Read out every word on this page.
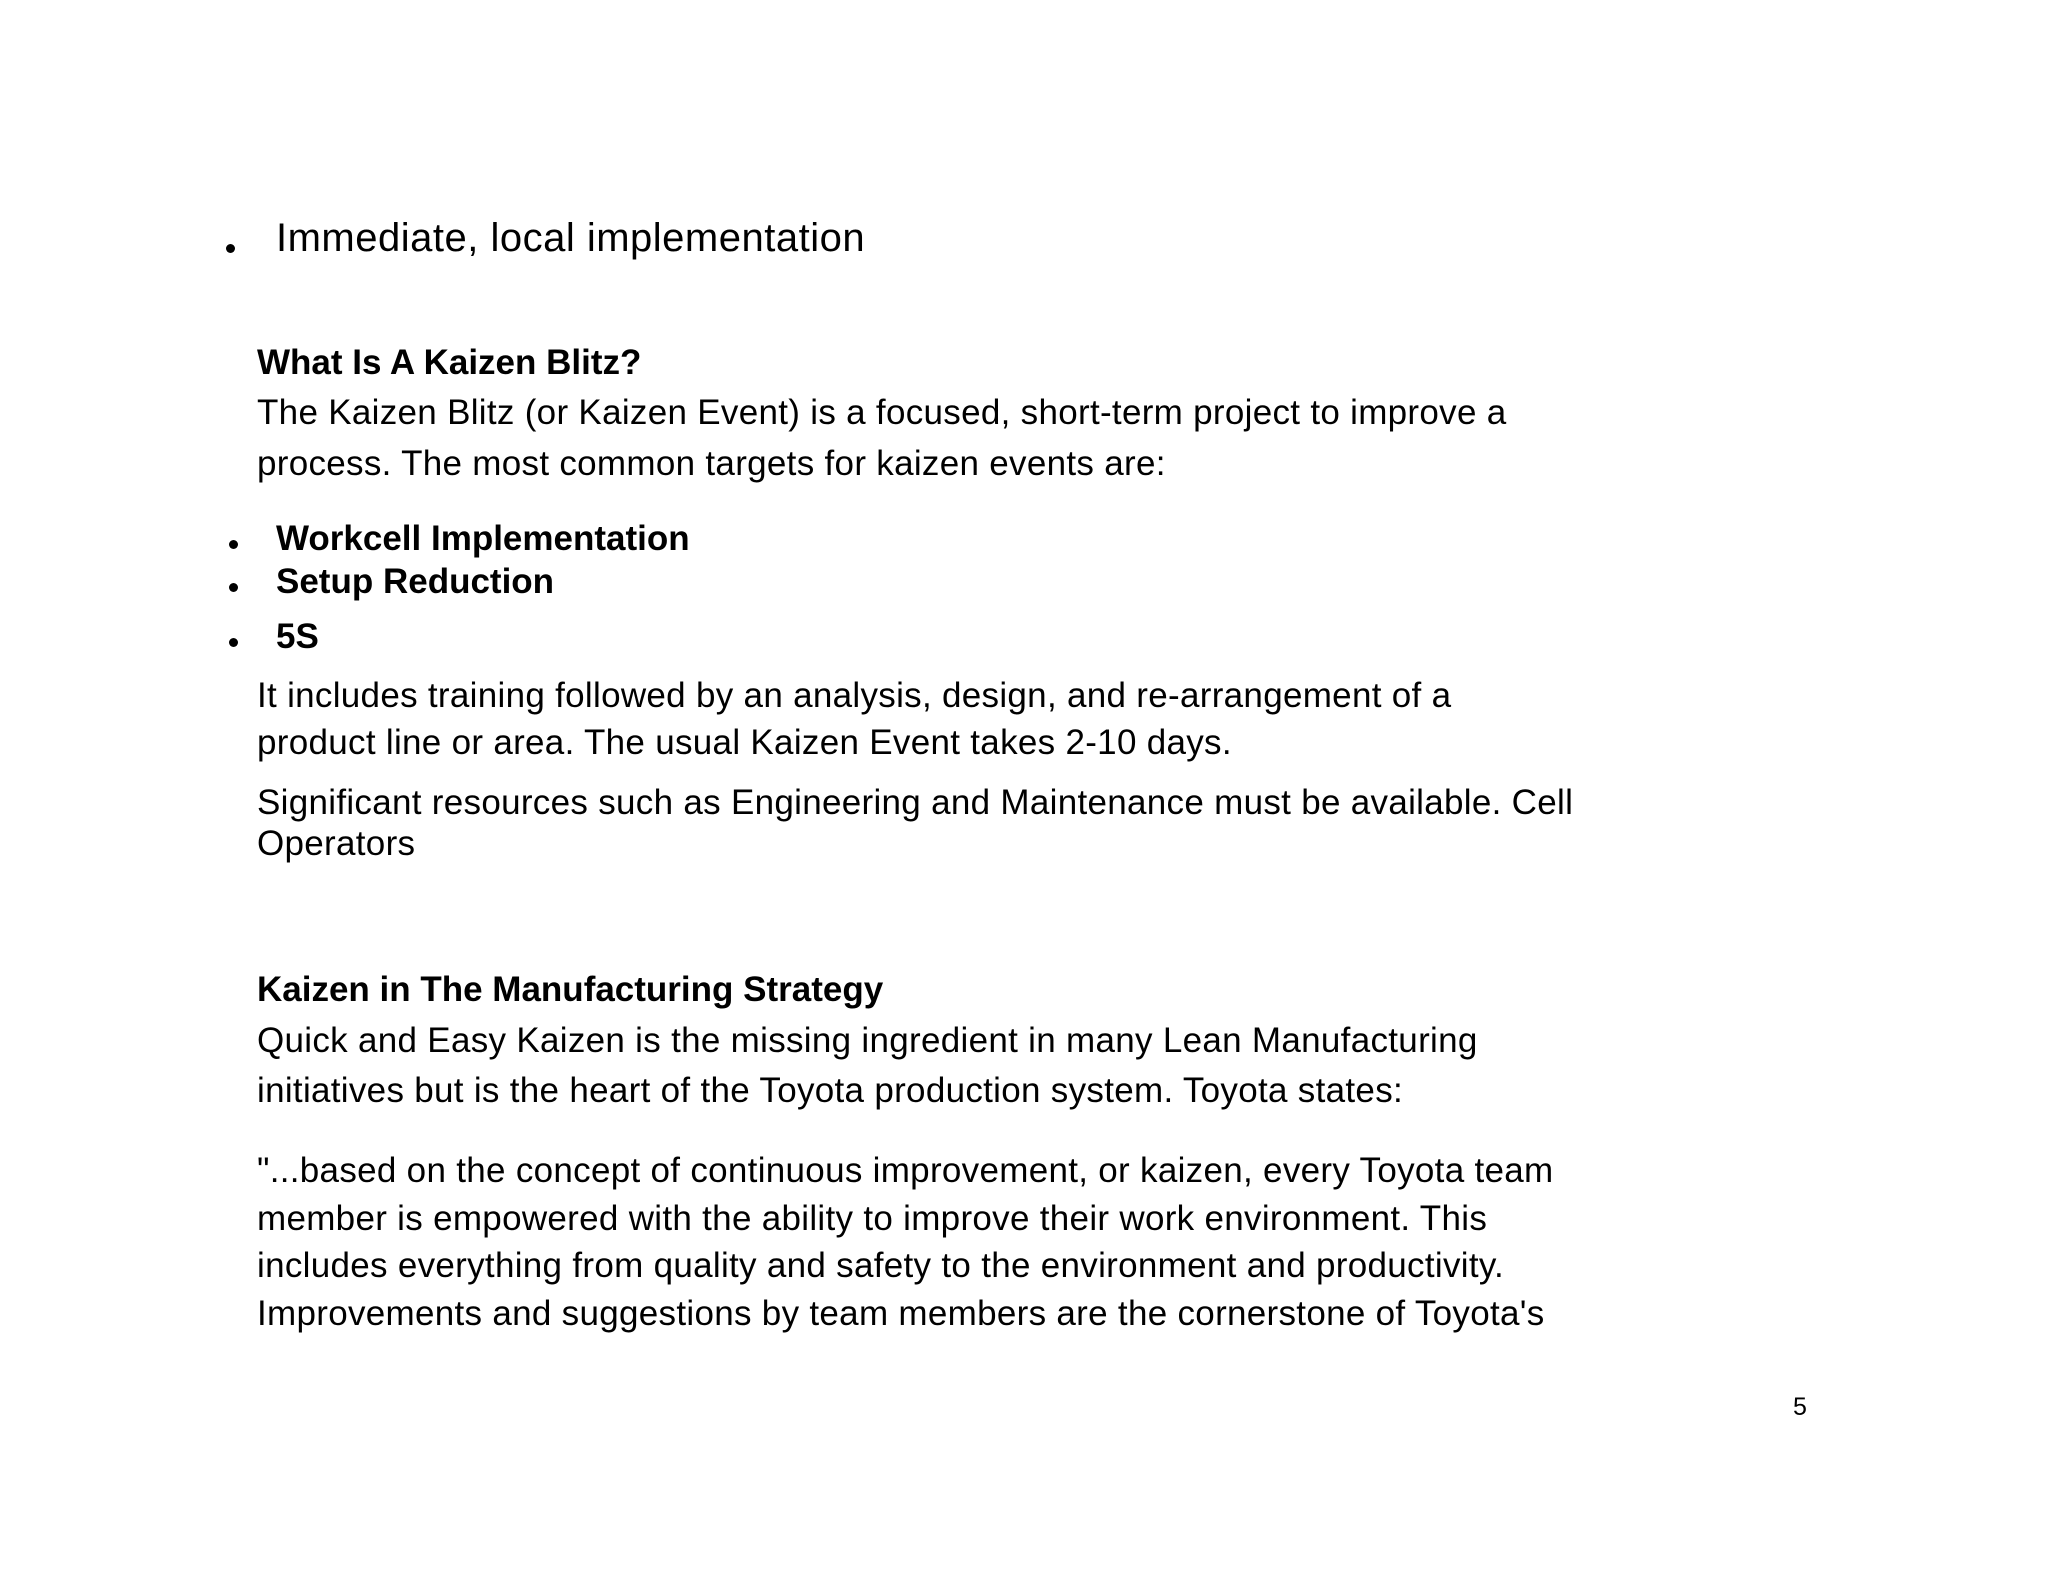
Immediate, local implementation
What Is A Kaizen Blitz?
The Kaizen Blitz (or Kaizen Event) is a focused, short-term project to improve a
process. The most common targets for kaizen events are:
Workcell Implementation
Setup Reduction
5S
It includes training followed by an analysis, design, and re-arrangement of a
product line or area. The usual Kaizen Event takes 2-10 days.
Significant resources such as Engineering and Maintenance must be available. Cell
Operators
Kaizen in The Manufacturing Strategy
Quick and Easy Kaizen is the missing ingredient in many Lean Manufacturing
initiatives but is the heart of the Toyota production system. Toyota states:
"...based on the concept of continuous improvement, or kaizen, every Toyota team
member is empowered with the ability to improve their work environment. This
includes everything from quality and safety to the environment and productivity.
Improvements and suggestions by team members are the cornerstone of Toyota's
5
